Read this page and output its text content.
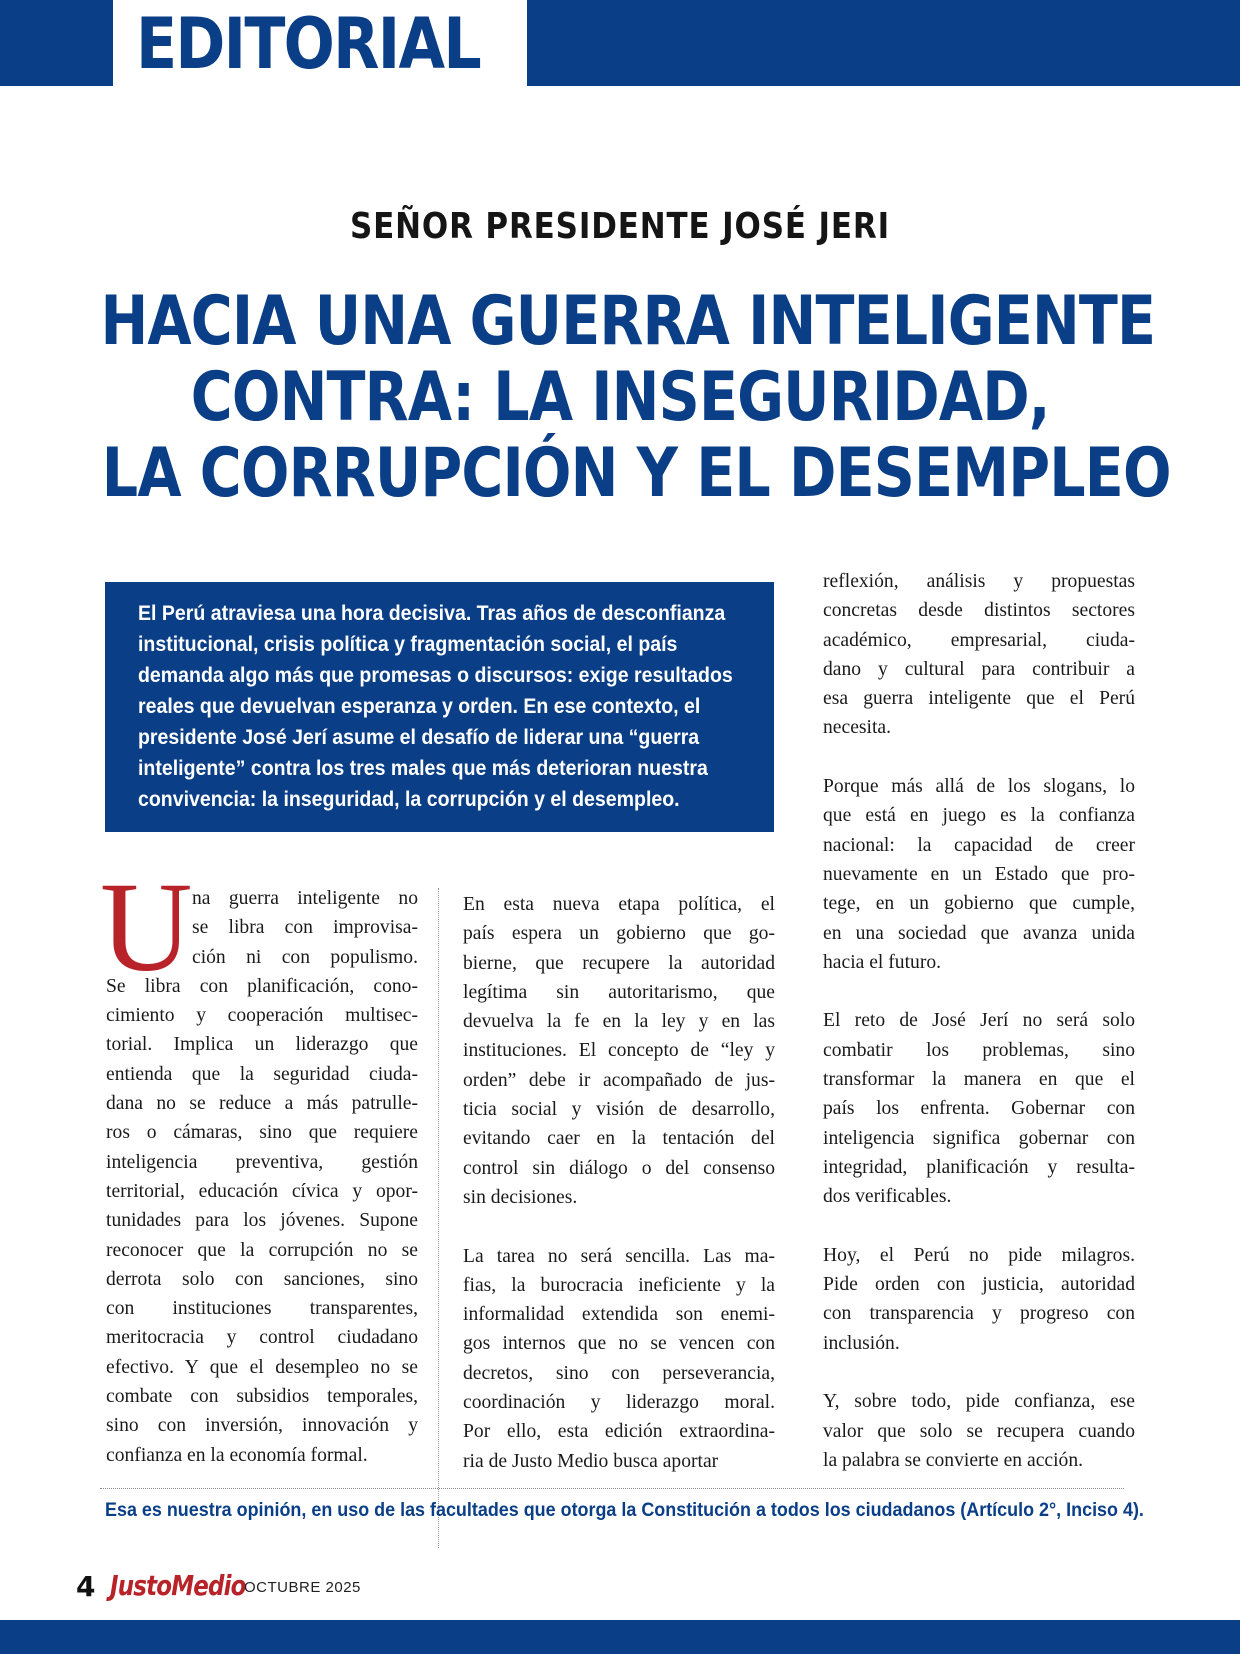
EDITORIAL
SEÑOR PRESIDENTE JOSÉ JERI
HACIA UNA GUERRA INTELIGENTE
CONTRA: LA INSEGURIDAD,
LA CORRUPCIÓN Y EL DESEMPLEO
El Perú atraviesa una hora decisiva. Tras años de desconfianza
institucional, crisis política y fragmentación social, el país
demanda algo más que promesas o discursos: exige resultados
reales que devuelvan esperanza y orden. En ese contexto, el
presidente José Jerí asume el desafío de liderar una “guerra
inteligente” contra los tres males que más deterioran nuestra
convivencia: la inseguridad, la corrupción y el desempleo.
U na guerra inteligente no
se libra con improvisa-
ción ni con populismo.
Se libra con planificación, cono-
cimiento y cooperación multisec-
torial. Implica un liderazgo que
entienda que la seguridad ciuda-
dana no se reduce a más patrulle-
ros o cámaras, sino que requiere
inteligencia preventiva, gestión
territorial, educación cívica y opor-
tunidades para los jóvenes. Supone
reconocer que la corrupción no se
derrota solo con sanciones, sino
con instituciones transparentes,
meritocracia y control ciudadano
efectivo. Y que el desempleo no se
combate con subsidios temporales,
sino con inversión, innovación y
confianza en la economía formal.
En esta nueva etapa política, el
país espera un gobierno que go-
bierne, que recupere la autoridad
legítima sin autoritarismo, que
devuelva la fe en la ley y en las
instituciones. El concepto de “ley y
orden” debe ir acompañado de jus-
ticia social y visión de desarrollo,
evitando caer en la tentación del
control sin diálogo o del consenso
sin decisiones.
La tarea no será sencilla. Las ma-
fias, la burocracia ineficiente y la
informalidad extendida son enemi-
gos internos que no se vencen con
decretos, sino con perseverancia,
coordinación y liderazgo moral.
Por ello, esta edición extraordina-
ria de Justo Medio busca aportar
reflexión, análisis y propuestas
concretas desde distintos sectores
académico, empresarial, ciuda-
dano y cultural para contribuir a
esa guerra inteligente que el Perú
necesita.
Porque más allá de los slogans, lo
que está en juego es la confianza
nacional: la capacidad de creer
nuevamente en un Estado que pro-
tege, en un gobierno que cumple,
en una sociedad que avanza unida
hacia el futuro.
El reto de José Jerí no será solo
combatir los problemas, sino
transformar la manera en que el
país los enfrenta. Gobernar con
inteligencia significa gobernar con
integridad, planificación y resulta-
dos verificables.
Hoy, el Perú no pide milagros.
Pide orden con justicia, autoridad
con transparencia y progreso con
inclusión.
Y, sobre todo, pide confianza, ese
valor que solo se recupera cuando
la palabra se convierte en acción.
Esa es nuestra opinión, en uso de las facultades que otorga la Constitución a todos los ciudadanos (Artículo 2°, Inciso 4).
4 JustoMedio
OCTUBRE 2025
